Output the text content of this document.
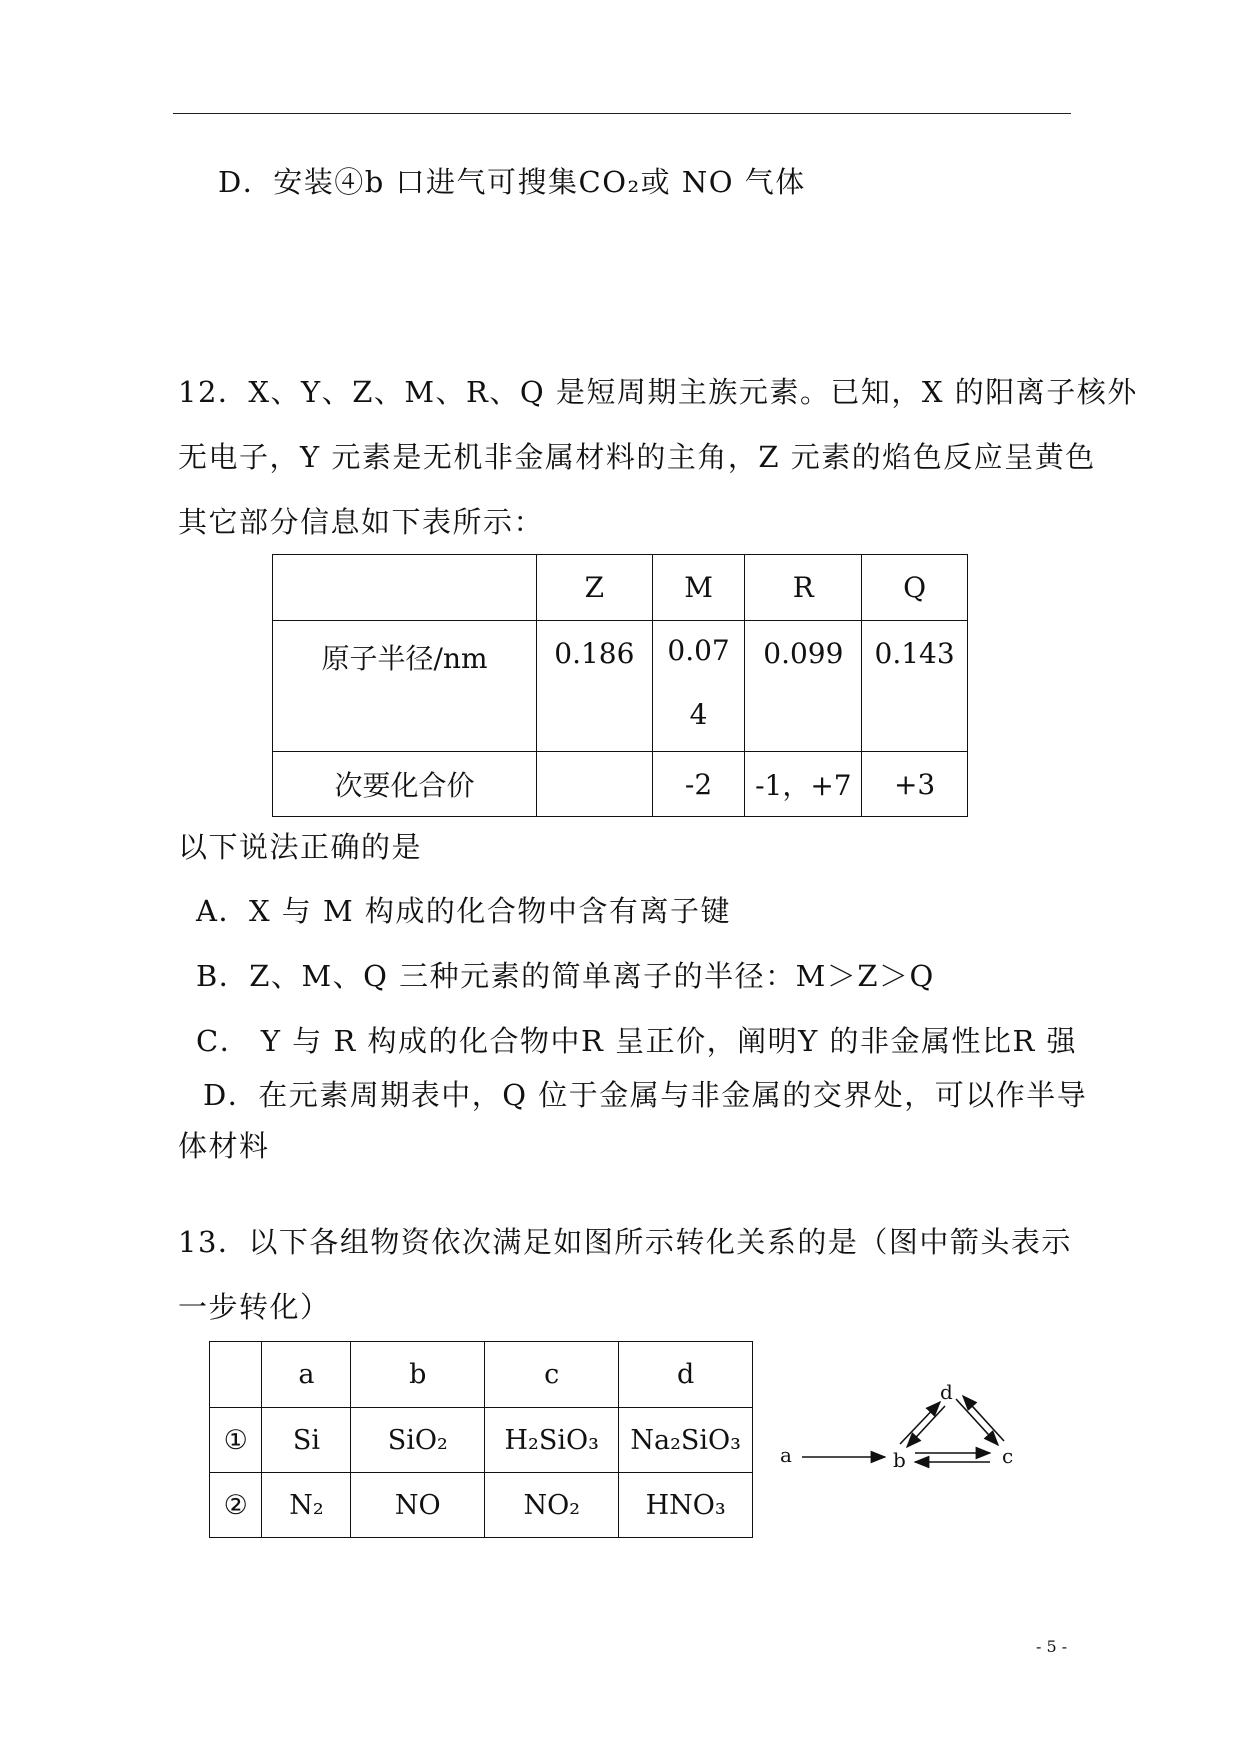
D．安装④b 口进气可搜集CO₂或 NO 气体
12．X、Y、Z、M、R、Q 是短周期主族元素。已知，X 的阳离子核外
无电子，Y 元素是无机非金属材料的主角，Z 元素的焰色反应呈黄色
其它部分信息如下表所示：
	Z	M	R	Q
原子半径/nm	0.186	0.07 4	0.099	0.143
次要化合价		-2	-1，+7	+3
以下说法正确的是
A．X 与 M 构成的化合物中含有离子键
B．Z、M、Q 三种元素的简单离子的半径：M＞Z＞Q
C． Y 与 R 构成的化合物中R 呈正价，阐明Y 的非金属性比R 强
D．在元素周期表中，Q 位于金属与非金属的交界处，可以作半导
体材料
13．以下各组物资依次满足如图所示转化关系的是（图中箭头表示
一步转化）
	a	b	c	d
①	Si	SiO₂	H₂SiO₃	Na₂SiO₃
②	N₂	NO	NO₂	HNO₃
a	b	c
d
- 5 -
